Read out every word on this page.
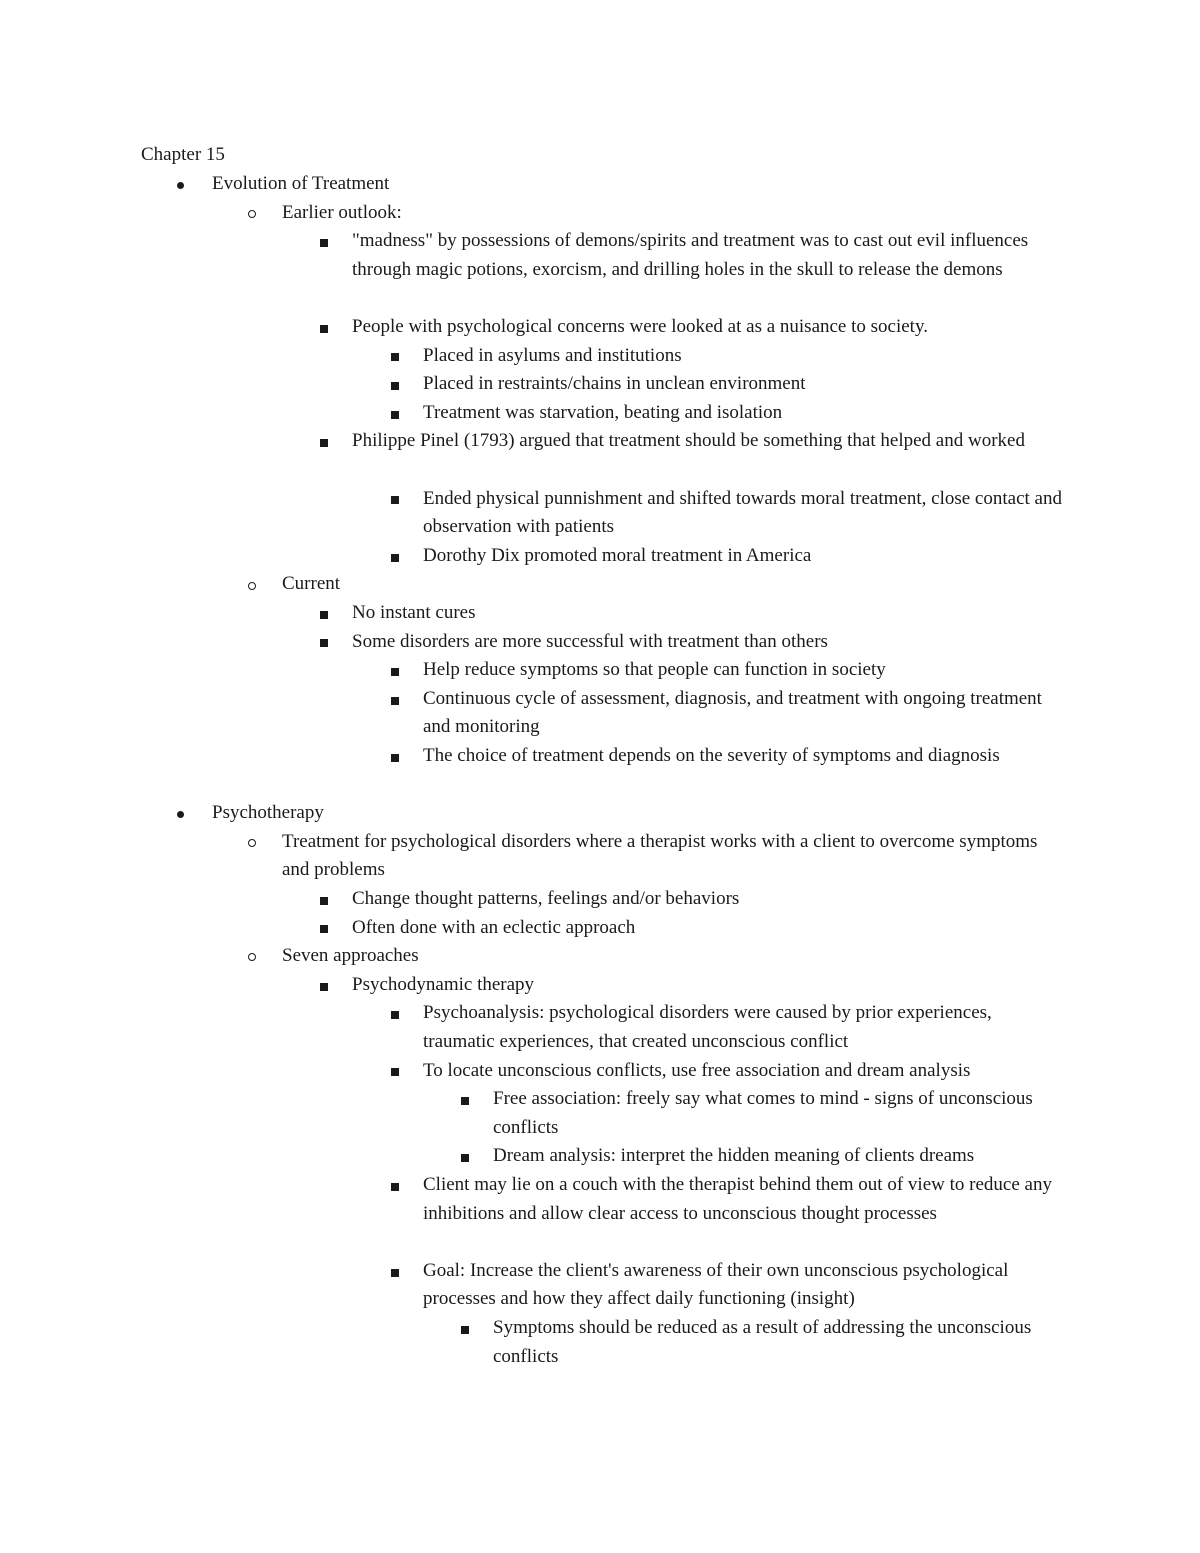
Chapter 15
Evolution of Treatment
Earlier outlook:
"madness" by possessions of demons/spirits and treatment was to cast out evil influences through magic potions, exorcism, and drilling holes in the skull to release the demons
People with psychological concerns were looked at as a nuisance to society.
Placed in asylums and institutions
Placed in restraints/chains in unclean environment
Treatment was starvation, beating and isolation
Philippe Pinel (1793) argued that treatment should be something that helped and worked
Ended physical punnishment and shifted towards moral treatment, close contact and observation with patients
Dorothy Dix promoted moral treatment in America
Current
No instant cures
Some disorders are more successful with treatment than others
Help reduce symptoms so that people can function in society
Continuous cycle of assessment, diagnosis, and treatment with ongoing treatment and monitoring
The choice of treatment depends on the severity of symptoms and diagnosis
Psychotherapy
Treatment for psychological disorders where a therapist works with a client to overcome symptoms and problems
Change thought patterns, feelings and/or behaviors
Often done with an eclectic approach
Seven approaches
Psychodynamic therapy
Psychoanalysis: psychological disorders were caused by prior experiences, traumatic experiences, that created unconscious conflict
To locate unconscious conflicts, use free association and dream analysis
Free association: freely say what comes to mind - signs of unconscious conflicts
Dream analysis: interpret the hidden meaning of clients dreams
Client may lie on a couch with the therapist behind them out of view to reduce any inhibitions and allow clear access to unconscious thought processes
Goal: Increase the client's awareness of their own unconscious psychological processes and how they affect daily functioning (insight)
Symptoms should be reduced as a result of addressing the unconscious conflicts
